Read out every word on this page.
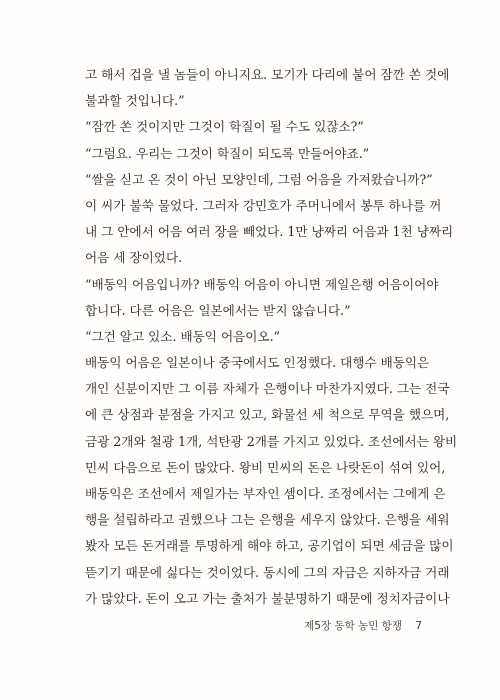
고 해서 겁을 낼 놈들이 아니지요. 모기가 다리에 붙어 잠깐 쏜 것에
불과할 것입니다.”
“잠깐 쏜 것이지만 그것이 학질이 될 수도 있잖소?”
“그럼요. 우리는 그것이 학질이 되도록 만들어야죠.”
“쌀을 싣고 온 것이 아닌 모양인데, 그럼 어음을 가져왔습니까?”
이 씨가 불쑥 물었다. 그러자 강민호가 주머니에서 봉투 하나를 꺼
내 그 안에서 어음 여러 장을 빼었다. 1만 냥짜리 어음과 1천 냥짜리
어음 세 장이었다.
“배동익 어음입니까? 배동익 어음이 아니면 제일은행 어음이어야
합니다. 다른 어음은 일본에서는 받지 않습니다.”
“그건 알고 있소. 배동익 어음이오.”
배동익 어음은 일본이나 중국에서도 인정했다. 대행수 배동익은
개인 신분이지만 그 이름 자체가 은행이나 마찬가지였다. 그는 전국
에 큰 상점과 분점을 가지고 있고, 화물선 세 척으로 무역을 했으며,
금광 2개와 철광 1개, 석탄광 2개를 가지고 있었다. 조선에서는 왕비
민씨 다음으로 돈이 많았다. 왕비 민씨의 돈은 나랏돈이 섞여 있어,
배동익은 조선에서 제일가는 부자인 셈이다. 조정에서는 그에게 은
행을 설립하라고 권했으나 그는 은행을 세우지 않았다. 은행을 세워
봤자 모든 돈거래를 투명하게 해야 하고, 공기업이 되면 세금을 많이
뜯기기 때문에 싫다는 것이었다. 동시에 그의 자금은 지하자금 거래
가 많았다. 돈이 오고 가는 출처가 불분명하기 때문에 정치자금이나
제5장 동학 농민 항쟁 7
